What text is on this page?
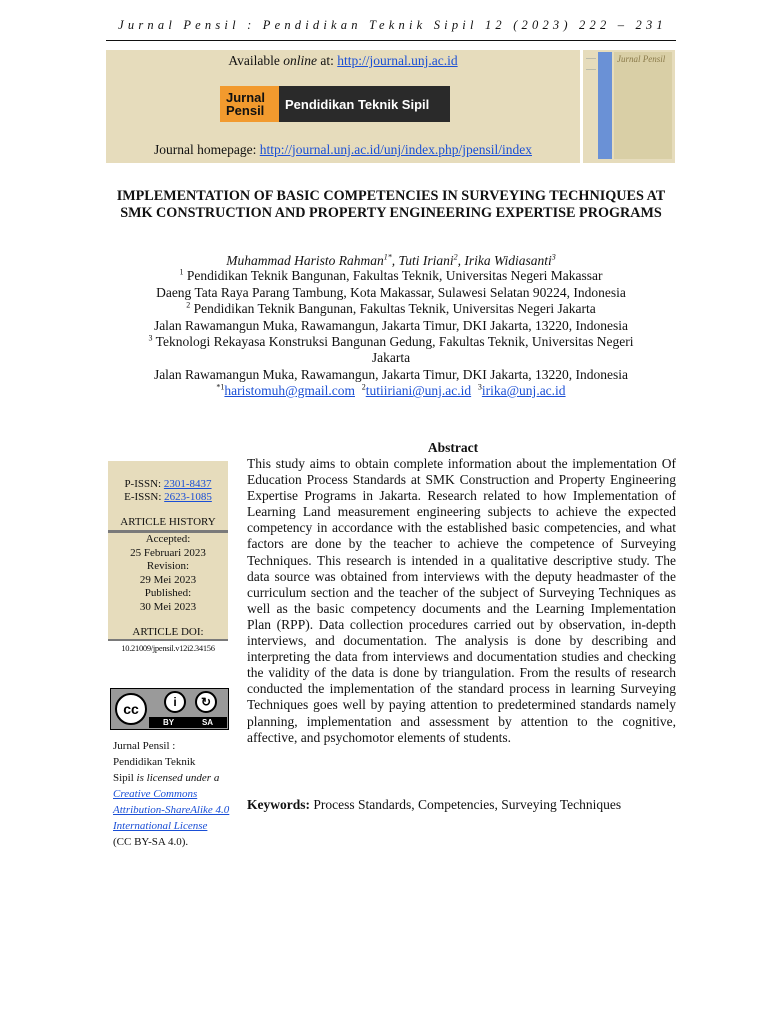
Jurnal Pensil : Pendidikan Teknik Sipil 12 (2023) 222 – 231
Jurnal Pensil
Available online at: http://journal.unj.ac.id
Jurnal
Pensil	Pendidikan Teknik Sipil
Journal homepage: http://journal.unj.ac.id/unj/index.php/jpensil/index
IMPLEMENTATION OF BASIC COMPETENCIES IN SURVEYING TECHNIQUES AT SMK CONSTRUCTION AND PROPERTY ENGINEERING EXPERTISE PROGRAMS
Muhammad Haristo Rahman$^{1*}$, Tuti Iriani$^2$, Irika Widiasanti$^3$
$^1$ Pendidikan Teknik Bangunan, Fakultas Teknik, Universitas Negeri Makassar
Daeng Tata Raya Parang Tambung, Kota Makassar, Sulawesi Selatan 90224, Indonesia
$^2$ Pendidikan Teknik Bangunan, Fakultas Teknik, Universitas Negeri Jakarta
Jalan Rawamangun Muka, Rawamangun, Jakarta Timur, DKI Jakarta, 13220, Indonesia
$^3$ Teknologi Rekayasa Konstruksi Bangunan Gedung, Fakultas Teknik, Universitas Negeri
Jakarta
Jalan Rawamangun Muka, Rawamangun, Jakarta Timur, DKI Jakarta, 13220, Indonesia
$^{*1}$haristomuh@gmail.com $^2$tutiiriani@unj.ac.id $^3$irika@unj.ac.id
P-ISSN: 2301-8437
E-ISSN: 2623-1085
ARTICLE HISTORY
Accepted:
25 Februari 2023
Revision:
29 Mei 2023
Published:
30 Mei 2023
ARTICLE DOI:
10.21009/jpensil.v12i2.34156
cc	i	↻
BY	SA
Jurnal Pensil :
Pendidikan Teknik
Sipil is licensed under a
Creative Commons Attribution-ShareAlike 4.0 International License
(CC BY-SA 4.0).
Abstract

This study aims to obtain complete information about the implementation Of Education Process Standards at SMK Construction and Property Engineering Expertise Programs in Jakarta. Research related to how Implementation of Learning Land measurement engineering subjects to achieve the expected competency in accordance with the established basic competencies, and what factors are done by the teacher to achieve the competence of Surveying Techniques. This research is intended in a qualitative descriptive study. The data source was obtained from interviews with the deputy headmaster of the curriculum section and the teacher of the subject of Surveying Techniques as well as the basic competency documents and the Learning Implementation Plan (RPP). Data collection procedures carried out by observation, in-depth interviews, and documentation. The analysis is done by describing and interpreting the data from interviews and documentation studies and checking the validity of the data is done by triangulation. From the results of research conducted the implementation of the standard process in learning Surveying Techniques goes well by paying attention to predetermined standards namely planning, implementation and assessment by attention to the cognitive, affective, and psychomotor elements of students.

Keywords: Process Standards, Competencies, Surveying Techniques
